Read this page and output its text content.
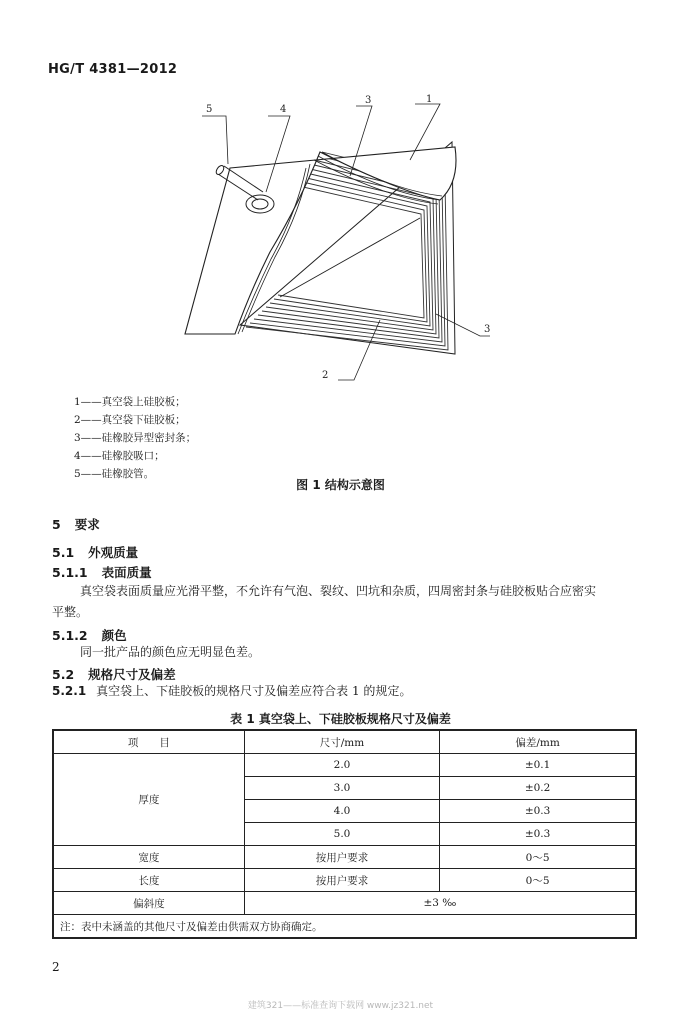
HG/T 4381—2012
5	4
3	1
3
2
1——真空袋上硅胶板；
2——真空袋下硅胶板；
3——硅橡胶异型密封条；
4——硅橡胶吸口；
5——硅橡胶管。
图 1 结构示意图
5 要求
5.1 外观质量
5.1.1 表面质量
真空袋表面质量应光滑平整，不允许有气泡、裂纹、凹坑和杂质，四周密封条与硅胶板贴合应密实
平整。
5.1.2 颜色
同一批产品的颜色应无明显色差。
5.2 规格尺寸及偏差
5.2.1 真空袋上、下硅胶板的规格尺寸及偏差应符合表 1 的规定。
表 1 真空袋上、下硅胶板规格尺寸及偏差
项　　目	尺寸/mm	偏差/mm
厚度	2.0	±0.1
	3.0	±0.2
	4.0	±0.3
	5.0	±0.3
宽度	按用户要求	0～5
长度	按用户要求	0～5
偏斜度	±3 ‰	
注：表中未涵盖的其他尺寸及偏差由供需双方协商确定。		
2
建筑321——标准查询下载网 www.jz321.net
